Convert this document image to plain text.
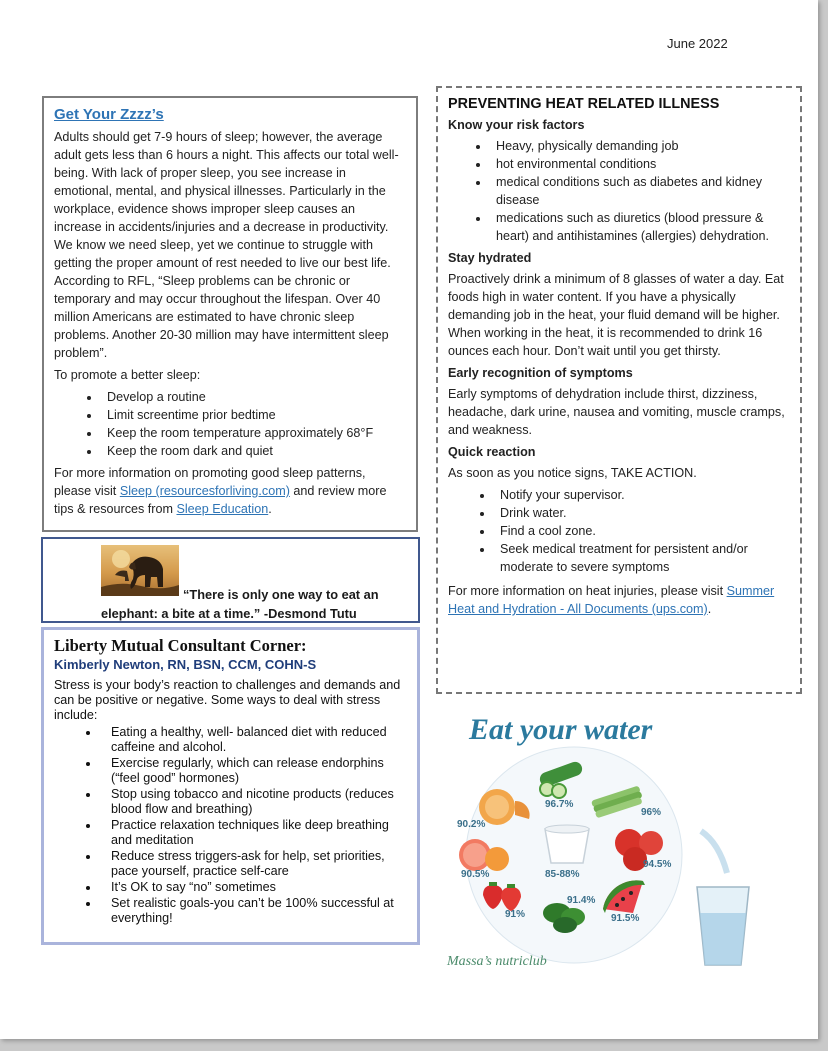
June 2022
Get Your Zzzz’s

Adults should get 7-9 hours of sleep; however, the average adult gets less than 6 hours a night. This affects our total well-being. With lack of proper sleep, you see increase in emotional, mental, and physical illnesses. Particularly in the workplace, evidence shows improper sleep causes an increase in accidents/injuries and a decrease in productivity. We know we need sleep, yet we continue to struggle with getting the proper amount of rest needed to live our best life. According to RFL, “Sleep problems can be chronic or temporary and may occur throughout the lifespan. Over 40 million Americans are estimated to have chronic sleep problems. Another 20-30 million may have intermittent sleep problem”.

To promote a better sleep:

• Develop a routine
• Limit screentime prior bedtime
• Keep the room temperature approximately 68°F
• Keep the room dark and quiet

For more information on promoting good sleep patterns, please visit Sleep (resourcesforliving.com) and review more tips & resources from Sleep Education.

“There is only one way to eat an
elephant: a bite at a time.” -Desmond Tutu
Liberty Mutual Consultant Corner:
Kimberly Newton, RN, BSN, CCM, COHN-S

Stress is your body’s reaction to challenges and demands and can be positive or negative. Some ways to deal with stress include:

• Eating a healthy, well- balanced diet with reduced caffeine and alcohol.
• Exercise regularly, which can release endorphins (“feel good” hormones)
• Stop using tobacco and nicotine products (reduces blood flow and breathing)
• Practice relaxation techniques like deep breathing and meditation
• Reduce stress triggers-ask for help, set priorities, pace yourself, practice self-care
• It’s OK to say “no” sometimes
• Set realistic goals-you can’t be 100% successful at everything!
PREVENTING HEAT RELATED ILLNESS
Know your risk factors
• Heavy, physically demanding job
• hot environmental conditions
• medical conditions such as diabetes and kidney disease
• medications such as diuretics (blood pressure & heart) and antihistamines (allergies) dehydration.
Stay hydrated

Proactively drink a minimum of 8 glasses of water a day. Eat foods high in water content. If you have a physically demanding job in the heat, your fluid demand will be higher. When working in the heat, it is recommended to drink 16 ounces each hour. Don’t wait until you get thirsty.

Early recognition of symptoms

Early symptoms of dehydration include thirst, dizziness, headache, dark urine, nausea and vomiting, muscle cramps, and weakness.

Quick reaction

As soon as you notice signs, TAKE ACTION.

• Notify your supervisor.
• Drink water.
• Find a cool zone.
• Seek medical treatment for persistent and/or moderate to severe symptoms

For more information on heat injuries, please visit Summer Heat and Hydration - All Documents (ups.com).

Eat your water
96.7%
96%
90.2%
85-88%
94.5%
90.5%
91%
91.4%
91.5%
Massa’s nutriclub
